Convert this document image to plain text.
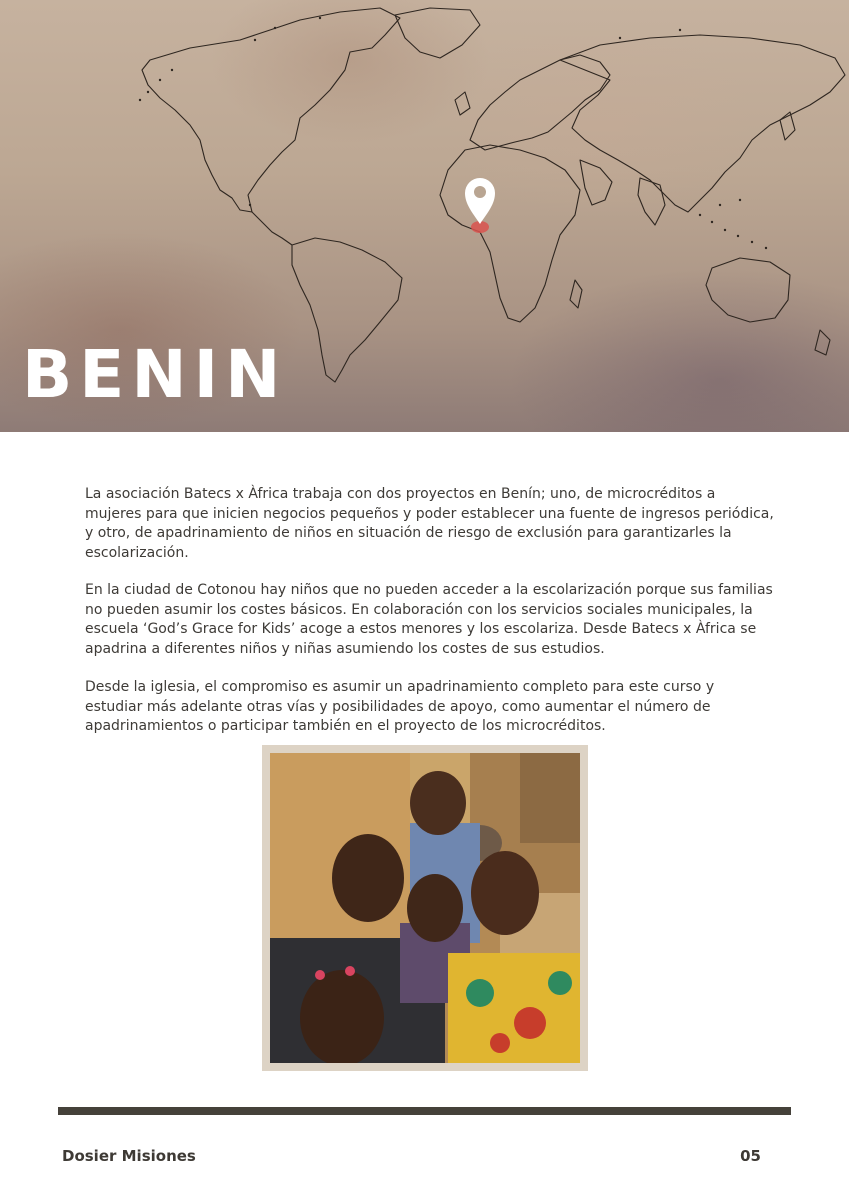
BENIN

La asociación Batecs x Àfrica trabaja con dos proyectos en Benín; uno, de microcréditos a mujeres para que inicien negocios pequeños y poder establecer una fuente de ingresos periódica, y otro, de apadrinamiento de niños en situación de riesgo de exclusión para garantizarles la escolarización.

En la ciudad de Cotonou hay niños que no pueden acceder a la escolarización porque sus familias no pueden asumir los costes básicos. En colaboración con los servicios sociales municipales, la escuela ‘God’s Grace for Kids’ acoge a estos menores y los escolariza. Desde Batecs x Àfrica se apadrina a diferentes niños y niñas asumiendo los costes de sus estudios.

Desde la iglesia, el compromiso es asumir un apadrinamiento completo para este curso y estudiar más adelante otras vías y posibilidades de apoyo, como aumentar el número de apadrinamientos o participar también en el proyecto de los microcréditos.

Dosier Misiones	05
